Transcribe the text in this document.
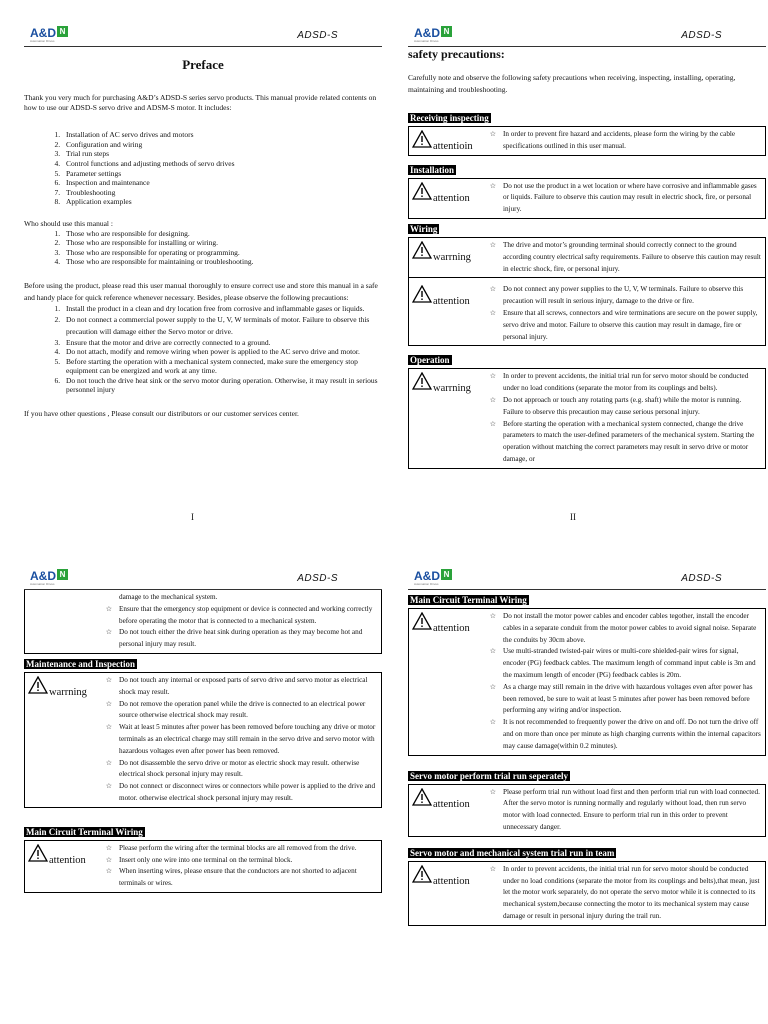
A&D N
Automation Drives	ADSD-S
Preface
Thank you very much for purchasing A&D’s ADSD-S series servo products. This manual provide related contents on how to use our ADSD-S servo drive and ADSM-S motor. It includes:
1. Installation of AC servo drives and motors
2. Configuration and wiring
3. Trial run steps
4. Control functions and adjusting methods of servo drives
5. Parameter settings
6. Inspection and maintenance
7. Troubleshooting
8. Application examples
Who should use this manual :
1. Those who are responsible for designing.
2. Those who are responsible for installing or wiring.
3. Those who are responsible for operating or programming.
4. Those who are responsible for maintaining or troubleshooting.
Before using the product, please read this user manual thoroughly to ensure correct use and store this manual in a safe and handy place for quick reference whenever necessary. Besides, please observe the following precautions:
1. Install the product in a clean and dry location free from corrosive and inflammable gases or liquids.
2. Do not connect a commercial power supply to the U, V, W terminals of motor. Failure to observe this precaution will damage either the Servo motor or drive.
3. Ensure that the motor and drive are correctly connected to a ground.
4. Do not attach, modify and remove wiring when power is applied to the AC servo drive and motor.
5. Before starting the operation with a mechanical system connected, make sure the emergency stop equipment can be energized and work at any time.
6. Do not touch the drive heat sink or the servo motor during operation. Otherwise, it may result in serious personnel injury
If you have other questions , Please consult our distributors or our customer services center.
I
A&D N
Automation Drives	ADSD-S
safety precautions:
Carefully note and observe the following safety precautions when receiving, inspecting, installing, operating, maintaining and troubleshooting.
Receiving inspecting
attentioin
☆ In order to prevent fire hazard and accidents, please form the wiring by the cable specifications outlined in this user manual.
Installation
attention
☆ Do not use the product in a wet location or where have corrosive and inflammable gases or liquids. Failure to observe this caution may result in electric shock, fire, or personal injury.
Wiring
warrning
☆ The drive and motor’s grounding terminal should correctly connect to the ground according country electrical safty requirements. Failure to observe this caution may result in electric shock, fire, or personal injury.
attention
☆ Do not connect any power supplies to the U, V, W terminals. Failure to observe this precaution will result in serious injury, damage to the drive or fire.
☆ Ensure that all screws, connectors and wire terminations are secure on the power supply, servo drive and motor. Failure to observe this caution may result in damage, fire or personal injury.
Operation
warrning
☆ In order to prevent accidents, the initial trial run for servo motor should be conducted under no load conditions (separate the motor from its couplings and belts).
☆ Do not approach or touch any rotating parts (e.g. shaft) while the motor is running. Failure to observe this precaution may cause serious personal injury.
☆ Before starting the operation with a mechanical system connected, change the drive parameters to match the user-defined parameters of the mechanical system. Starting the operation without matching the correct parameters may result in servo drive or motor damage, or
II
A&D N
Automation Drives	ADSD-S
damage to the mechanical system.
☆ Ensure that the emergency stop equipment or device is connected and working correctly before operating the motor that is connected to a mechanical system.
☆ Do not touch either the drive heat sink during operation as they may become hot and personal injury may result.
Maintenance and Inspection
warrning
☆ Do not touch any internal or exposed parts of servo drive and servo motor as electrical shock may result.
☆ Do not remove the operation panel while the drive is connected to an electrical power source otherwise electrical shock may result.
☆ Wait at least 5 minutes after power has been removed before touching any drive or motor terminals as an electrical charge may still remain in the servo drive and servo motor with hazardous voltages even after power has been removed.
☆ Do not disassemble the servo drive or motor as electric shock may result. otherwise electrical shock personal injury may result.
☆ Do not connect or disconnect wires or connectors while power is applied to the drive and motor. otherwise electrical shock personal injury may result.
Main Circuit Terminal Wiring
attention
☆ Please perform the wiring after the terminal blocks are all removed from the drive.
☆ Insert only one wire into one terminal on the terminal block.
☆ When inserting wires, please ensure that the conductors are not shorted to adjacent terminals or wires.
A&D N
Automation Drives	ADSD-S
Main Circuit Terminal Wiring
attention
☆ Do not install the motor power cables and encoder cables tegother, install the encoder cables in a separate conduit from the motor power cables to avoid signal noise. Separate the conduits by 30cm above.
☆ Use multi-stranded twisted-pair wires or multi-core shielded-pair wires for signal, encoder (PG) feedback cables. The maximum length of command input cable is 3m and the maximum length of encoder (PG) feedback cables is 20m.
☆ As a charge may still remain in the drive with hazardous voltages even after power has been removed, be sure to wait at least 5 minutes after power has been removed before performing any wiring and/or inspection.
☆ It is not recommended to frequently power the drive on and off. Do not turn the drive off and on more than once per minute as high charging currents within the internal capacitors may cause damage(within 0.2 minutes).
Servo motor perform trial run seperately
attention
☆ Please perform trial run without load first and then perform trial run with load connected. After the servo motor is running normally and regularly without load, then run servo motor with load connected. Ensure to perform trial run in this order to prevent unnecessary danger.
Servo motor and mechanical system trial run in team
attention
☆ In order to prevent accidents, the initial trial run for servo motor should be conducted under no load conditions (separate the motor from its couplings and belts),that mean, just let the motor work separately, do not operate the servo motor while it is connected to its mechanical system,because connecting the motor to its mechanical system may cause damage or result in personal injury during the trail run.
